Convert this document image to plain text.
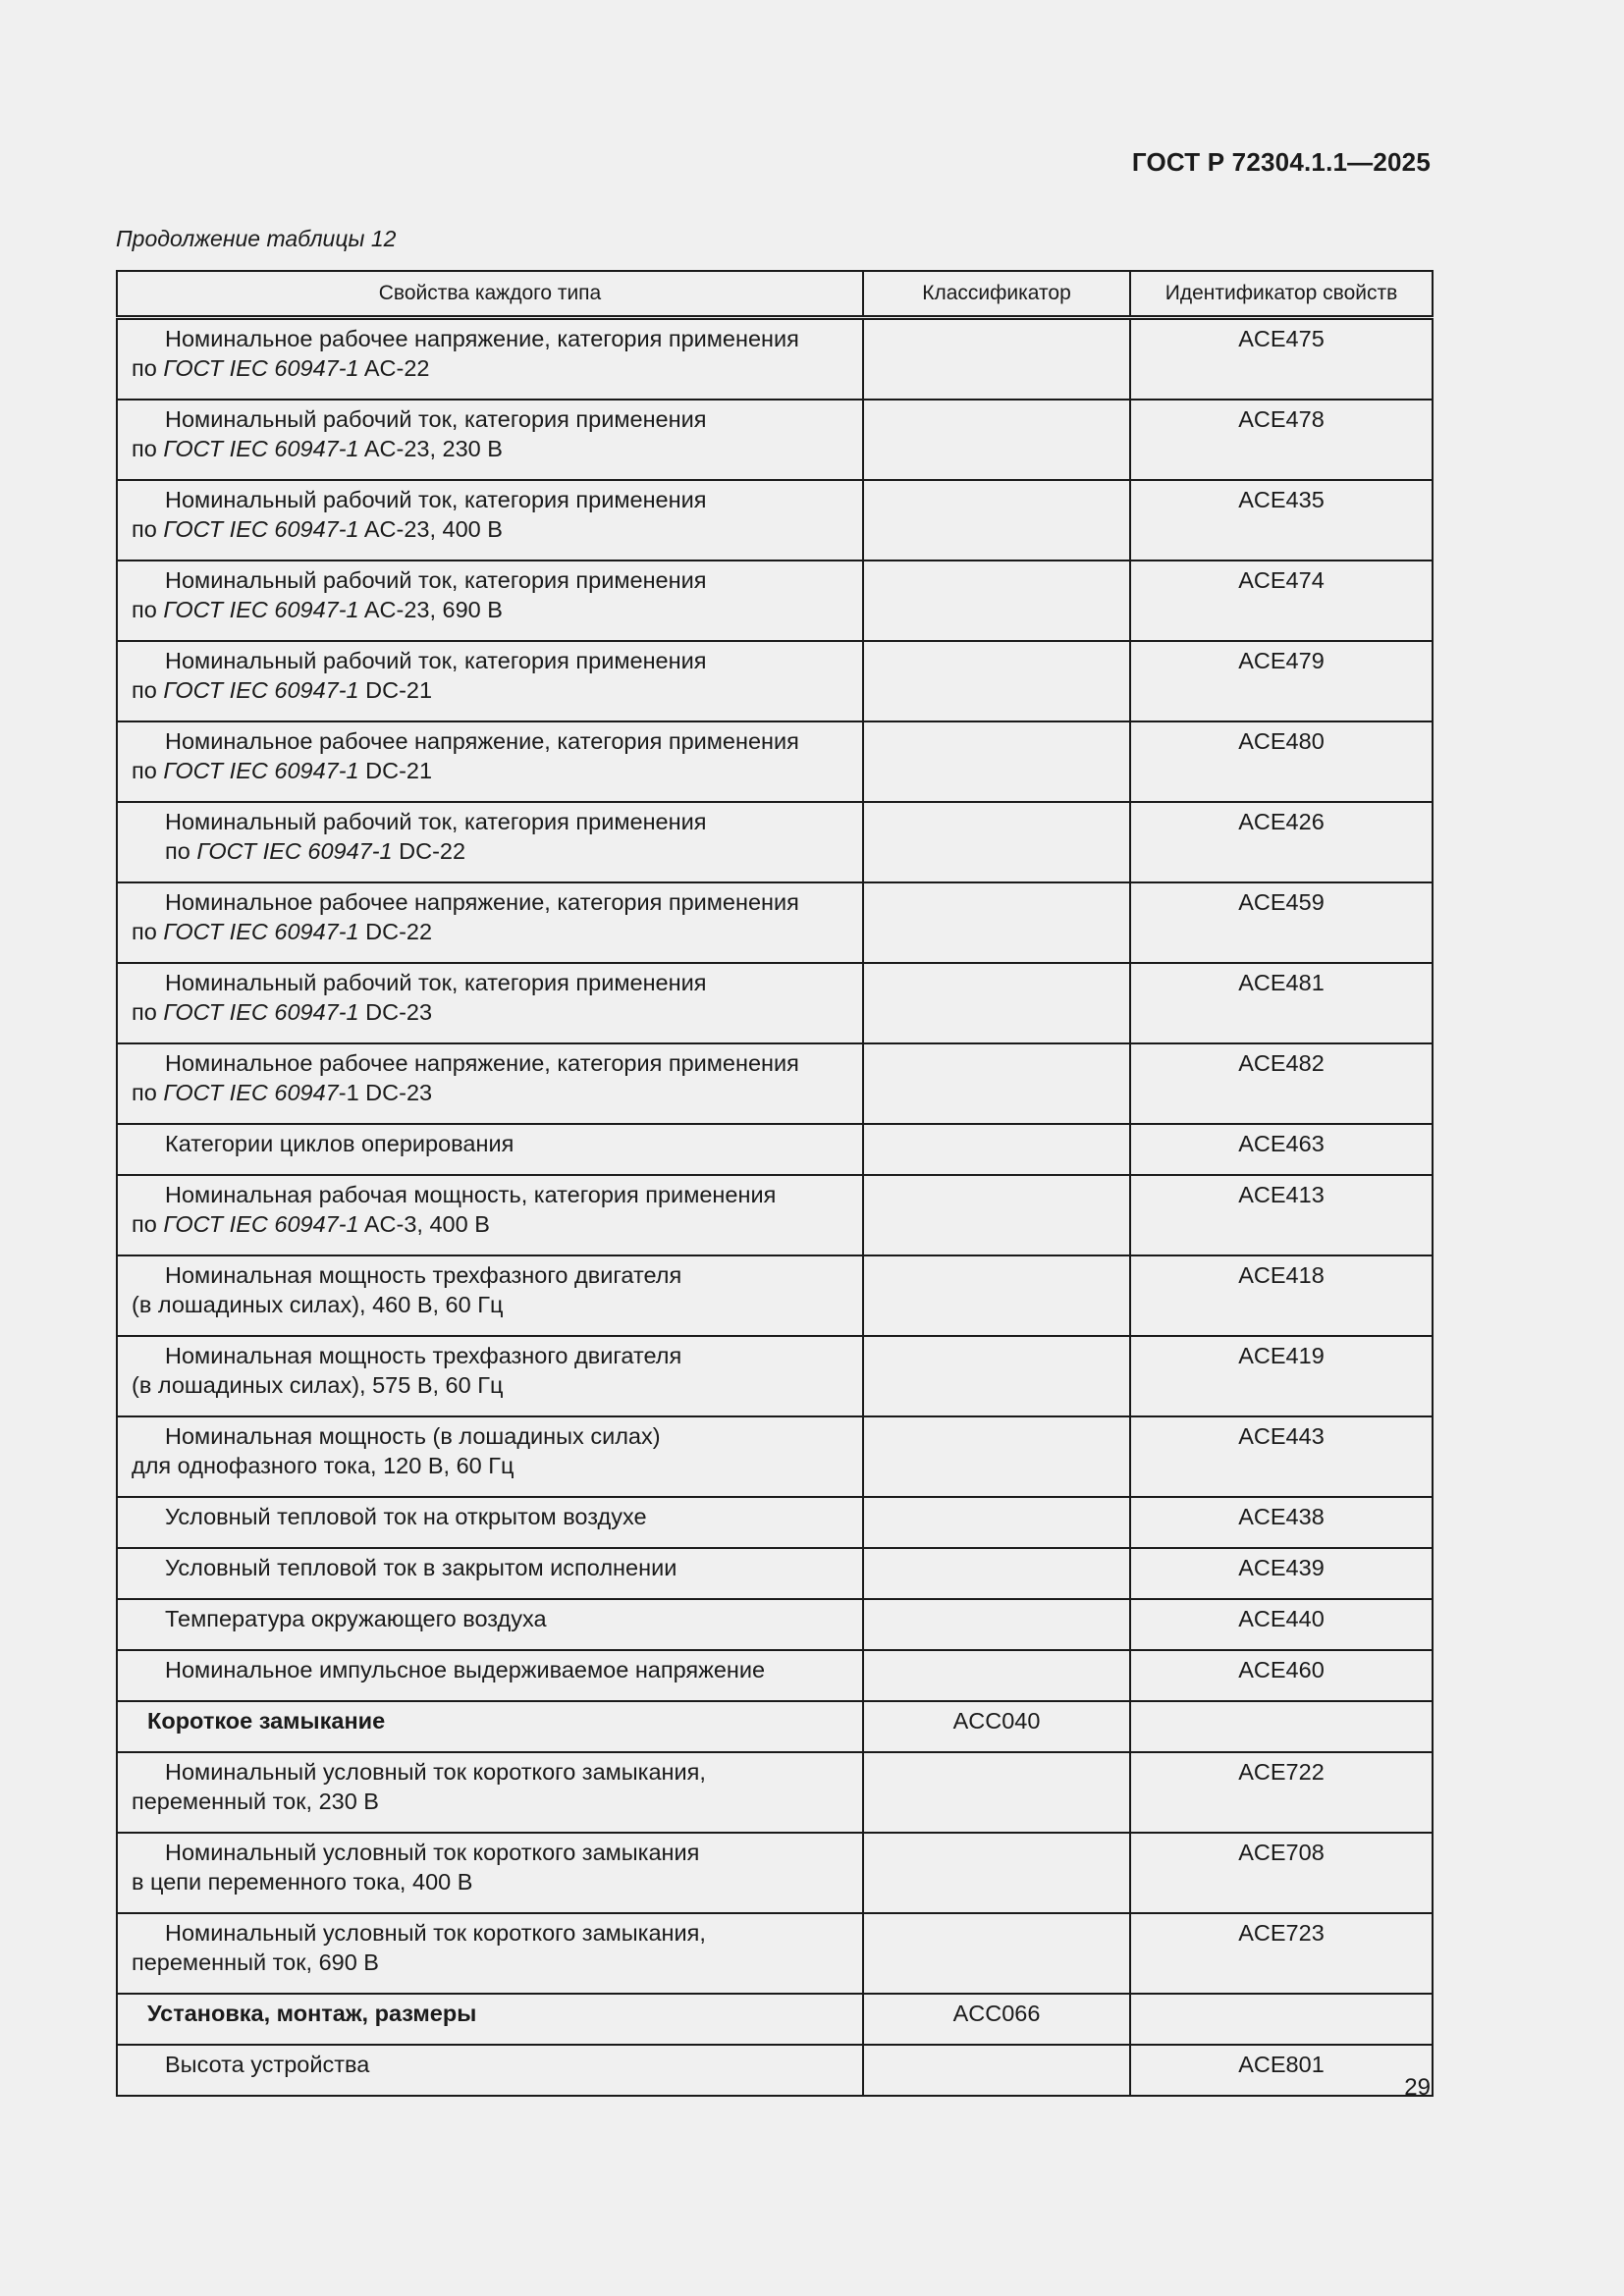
ГОСТ Р 72304.1.1—2025
Продолжение таблицы 12
Свойства каждого типа	Классификатор	Идентификатор свойств
Номинальное рабочее напряжение, категория применения
по ГОСТ IEC 60947-1 AC-22		ACE475
Номинальный рабочий ток, категория применения
по ГОСТ IEC 60947-1 AC-23, 230 В		ACE478
Номинальный рабочий ток, категория применения
по ГОСТ IEC 60947-1 AC-23, 400 В		ACE435
Номинальный рабочий ток, категория применения
по ГОСТ IEC 60947-1 AC-23, 690 В		ACE474
Номинальный рабочий ток, категория применения
по ГОСТ IEC 60947-1 DC-21		ACE479
Номинальное рабочее напряжение, категория применения
по ГОСТ IEC 60947-1 DC-21		ACE480
Номинальный рабочий ток, категория применения
по ГОСТ IEC 60947-1 DC-22		ACE426
Номинальное рабочее напряжение, категория применения
по ГОСТ IEC 60947-1 DC-22		ACE459
Номинальный рабочий ток, категория применения
по ГОСТ IEC 60947-1 DC-23		ACE481
Номинальное рабочее напряжение, категория применения
по ГОСТ IEC 60947-1 DC-23		ACE482
Категории циклов оперирования		ACE463
Номинальная рабочая мощность, категория применения
по ГОСТ IEC 60947-1 AC-3, 400 В		ACE413
Номинальная мощность трехфазного двигателя
(в лошадиных силах), 460 В, 60 Гц		ACE418
Номинальная мощность трехфазного двигателя
(в лошадиных силах), 575 В, 60 Гц		ACE419
Номинальная мощность (в лошадиных силах)
для однофазного тока, 120 В, 60 Гц		ACE443
Условный тепловой ток на открытом воздухе		ACE438
Условный тепловой ток в закрытом исполнении		ACE439
Температура окружающего воздуха		ACE440
Номинальное импульсное выдерживаемое напряжение		ACE460
Короткое замыкание	ACC040	
Номинальный условный ток короткого замыкания,
переменный ток, 230 В		ACE722
Номинальный условный ток короткого замыкания
в цепи переменного тока, 400 В		ACE708
Номинальный условный ток короткого замыкания,
переменный ток, 690 В		ACE723
Установка, монтаж, размеры	ACC066	
Высота устройства		ACE801
29
